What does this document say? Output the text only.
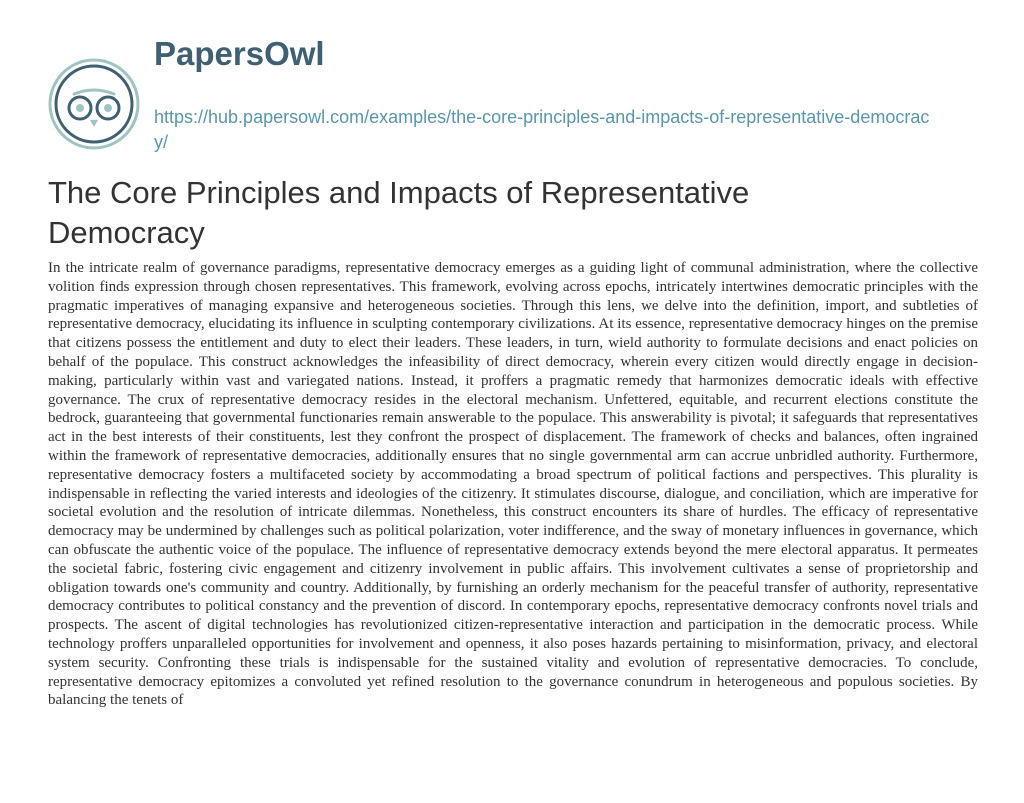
PapersOwl
https://hub.papersowl.com/examples/the-core-principles-and-impacts-of-representative-democracy/
The Core Principles and Impacts of Representative Democracy

In the intricate realm of governance paradigms, representative democracy emerges as a guiding light of communal administration, where the collective volition finds expression through chosen representatives. This framework, evolving across epochs, intricately intertwines democratic principles with the pragmatic imperatives of managing expansive and heterogeneous societies. Through this lens, we delve into the definition, import, and subtleties of representative democracy, elucidating its influence in sculpting contemporary civilizations. At its essence, representative democracy hinges on the premise that citizens possess the entitlement and duty to elect their leaders. These leaders, in turn, wield authority to formulate decisions and enact policies on behalf of the populace. This construct acknowledges the infeasibility of direct democracy, wherein every citizen would directly engage in decision-making, particularly within vast and variegated nations. Instead, it proffers a pragmatic remedy that harmonizes democratic ideals with effective governance. The crux of representative democracy resides in the electoral mechanism. Unfettered, equitable, and recurrent elections constitute the bedrock, guaranteeing that governmental functionaries remain answerable to the populace. This answerability is pivotal; it safeguards that representatives act in the best interests of their constituents, lest they confront the prospect of displacement. The framework of checks and balances, often ingrained within the framework of representative democracies, additionally ensures that no single governmental arm can accrue unbridled authority. Furthermore, representative democracy fosters a multifaceted society by accommodating a broad spectrum of political factions and perspectives. This plurality is indispensable in reflecting the varied interests and ideologies of the citizenry. It stimulates discourse, dialogue, and conciliation, which are imperative for societal evolution and the resolution of intricate dilemmas. Nonetheless, this construct encounters its share of hurdles. The efficacy of representative democracy may be undermined by challenges such as political polarization, voter indifference, and the sway of monetary influences in governance, which can obfuscate the authentic voice of the populace. The influence of representative democracy extends beyond the mere electoral apparatus. It permeates the societal fabric, fostering civic engagement and citizenry involvement in public affairs. This involvement cultivates a sense of proprietorship and obligation towards one's community and country. Additionally, by furnishing an orderly mechanism for the peaceful transfer of authority, representative democracy contributes to political constancy and the prevention of discord. In contemporary epochs, representative democracy confronts novel trials and prospects. The ascent of digital technologies has revolutionized citizen-representative interaction and participation in the democratic process. While technology proffers unparalleled opportunities for involvement and openness, it also poses hazards pertaining to misinformation, privacy, and electoral system security. Confronting these trials is indispensable for the sustained vitality and evolution of representative democracies. To conclude, representative democracy epitomizes a convoluted yet refined resolution to the governance conundrum in heterogeneous and populous societies. By balancing the tenets of
